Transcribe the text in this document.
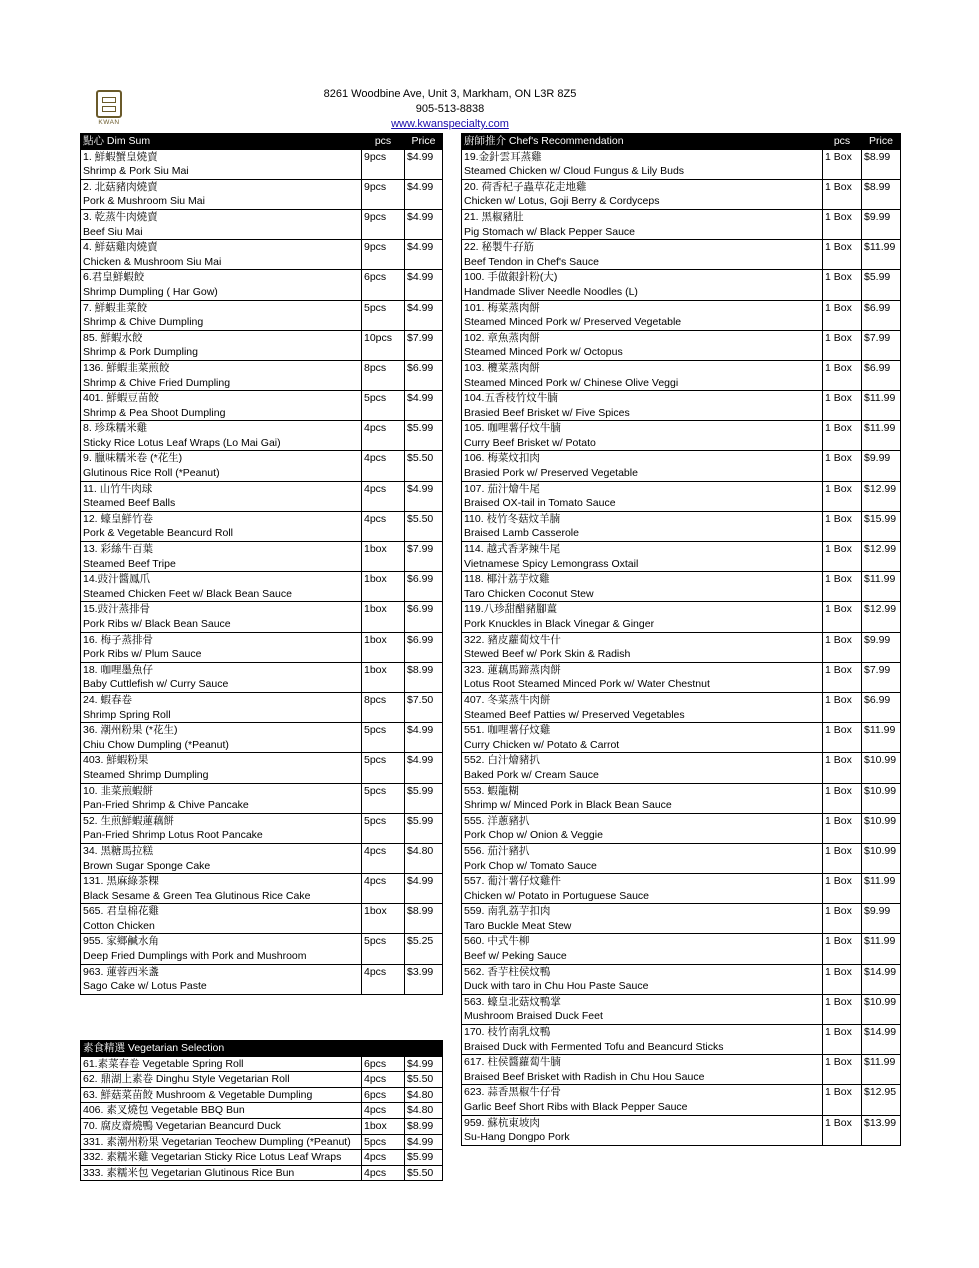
KWAN
8261 Woodbine Ave, Unit 3, Markham, ON L3R 8Z5
905-513-8838
www.kwanspecialty.com
點心 Dim Sum	pcs	Price
1. 鮮蝦蟹皇燒賣	9pcs	$4.99
Shrimp & Pork Siu Mai		
2. 北菇豬肉燒賣	9pcs	$4.99
Pork & Mushroom Siu Mai		
3. 乾蒸牛肉燒賣	9pcs	$4.99
Beef Siu Mai		
4. 鮮菇雞肉燒賣	9pcs	$4.99
Chicken & Mushroom Siu Mai		
6.君皇鮮蝦餃	6pcs	$4.99
Shrimp Dumpling ( Har Gow)		
7. 鮮蝦韭菜餃	5pcs	$4.99
Shrimp & Chive Dumpling		
85. 鮮蝦水餃	10pcs	$7.99
Shrimp & Pork Dumpling		
136. 鮮蝦韭菜煎餃	8pcs	$6.99
Shrimp & Chive Fried Dumpling		
401. 鮮蝦豆苗餃	5pcs	$4.99
Shrimp & Pea Shoot Dumpling		
8. 珍珠糯米雞	4pcs	$5.99
Sticky Rice Lotus Leaf Wraps (Lo Mai Gai)		
9. 臘味糯米卷 (*花生)	4pcs	$5.50
Glutinous Rice Roll (*Peanut)		
11. 山竹牛肉球	4pcs	$4.99
Steamed Beef Balls		
12. 蠔皇鮮竹卷	4pcs	$5.50
Pork & Vegetable Beancurd Roll		
13. 彩絲牛百葉	1box	$7.99
Steamed Beef Tripe		
14.豉汁醬鳳爪	1box	$6.99
Steamed Chicken Feet w/ Black Bean Sauce		
15.豉汁蒸排骨	1box	$6.99
Pork Ribs w/ Black Bean Sauce		
16. 梅子蒸排骨	1box	$6.99
Pork Ribs w/ Plum Sauce		
18. 咖哩墨魚仔	1box	$8.99
Baby Cuttlefish w/ Curry Sauce		
24. 蝦春卷	8pcs	$7.50
Shrimp Spring Roll		
36. 潮州粉果 (*花生)	5pcs	$4.99
Chiu Chow Dumpling (*Peanut)		
403. 鮮蝦粉果	5pcs	$4.99
Steamed Shrimp Dumpling		
10. 韭菜煎蝦餅	5pcs	$5.99
Pan-Fried Shrimp & Chive Pancake		
52. 生煎鮮蝦蓮藕餅	5pcs	$5.99
Pan-Fried Shrimp Lotus Root Pancake		
34. 黑糖馬拉糕	4pcs	$4.80
Brown Sugar Sponge Cake		
131. 黑麻綠茶粿	4pcs	$4.99
Black Sesame & Green Tea Glutinous Rice Cake		
565. 君皇棉花雞	1box	$8.99
Cotton Chicken		
955. 家鄉鹹水角	5pcs	$5.25
Deep Fried Dumplings with Pork and Mushroom		
963. 蓮蓉西米盞	4pcs	$3.99
Sago Cake w/ Lotus Paste		
廚師推介 Chef's Recommendation	pcs	Price
19.金針雲耳蒸雞	1 Box	$8.99
Steamed Chicken w/ Cloud Fungus & Lily Buds		
20. 荷香杞子蟲草花走地雞	1 Box	$8.99
Chicken w/ Lotus, Goji Berry & Cordyceps		
21. 黑椒豬肚	1 Box	$9.99
Pig Stomach w/ Black Pepper Sauce		
22. 秘製牛孖筋	1 Box	$11.99
Beef Tendon in Chef's Sauce		
100. 手做銀針粉(大)	1 Box	$5.99
Handmade Sliver Needle Noodles (L)		
101. 梅菜蒸肉餅	1 Box	$6.99
Steamed Minced Pork w/ Preserved Vegetable		
102. 章魚蒸肉餅	1 Box	$7.99
Steamed Minced Pork w/ Octopus		
103. 欖菜蒸肉餅	1 Box	$6.99
Steamed Minced Pork w/ Chinese Olive Veggi		
104.五香枝竹炆牛腩	1 Box	$11.99
Brasied Beef Brisket w/ Five Spices		
105. 咖哩薯仔炆牛腩	1 Box	$11.99
Curry Beef Brisket w/ Potato		
106. 梅菜炆扣肉	1 Box	$9.99
Brasied Pork w/ Preserved Vegetable		
107. 茄汁燴牛尾	1 Box	$12.99
Braised OX-tail in Tomato Sauce		
110. 枝竹冬菇炆羊腩	1 Box	$15.99
Braised Lamb Casserole		
114. 越式香茅辣牛尾	1 Box	$12.99
Vietnamese Spicy Lemongrass Oxtail		
118. 椰汁荔芋炆雞	1 Box	$11.99
Taro Chicken Coconut Stew		
119.八珍甜醋豬腳薑	1 Box	$12.99
Pork Knuckles in Black Vinegar & Ginger		
322. 豬皮蘿蔔炆牛什	1 Box	$9.99
Stewed Beef w/ Pork Skin & Radish		
323. 蓮藕馬蹄蒸肉餅	1 Box	$7.99
Lotus Root Steamed Minced Pork w/ Water Chestnut		
407. 冬菜蒸牛肉餅	1 Box	$6.99
Steamed Beef Patties w/ Preserved Vegetables		
551. 咖哩薯仔炆雞	1 Box	$11.99
Curry Chicken w/ Potato & Carrot		
552. 白汁燴豬扒	1 Box	$10.99
Baked Pork w/ Cream Sauce		
553. 蝦龍糊	1 Box	$10.99
Shrimp w/ Minced Pork in Black Bean Sauce		
555. 洋蔥豬扒	1 Box	$10.99
Pork Chop w/ Onion & Veggie		
556. 茄汁豬扒	1 Box	$10.99
Pork Chop w/ Tomato Sauce		
557. 葡汁薯仔炆雞件	1 Box	$11.99
Chicken w/ Potato in Portuguese Sauce		
559. 南乳荔芋扣肉	1 Box	$9.99
Taro Buckle Meat Stew		
560. 中式牛柳	1 Box	$11.99
Beef w/ Peking Sauce		
562. 香芋柱侯炆鴨	1 Box	$14.99
Duck with taro in Chu Hou Paste Sauce		
563. 蠔皇北菇炆鴨掌	1 Box	$10.99
Mushroom Braised Duck Feet		
170. 枝竹南乳炆鴨	1 Box	$14.99
Braised Duck with Fermented Tofu and Beancurd Sticks		
617. 柱侯醬蘿蔔牛腩	1 Box	$11.99
Braised Beef Brisket with Radish in Chu Hou Sauce		
623. 蒜香黑椒牛仔骨	1 Box	$12.95
Garlic Beef Short Ribs with Black Pepper Sauce		
959. 蘇杭東坡肉	1 Box	$13.99
Su-Hang Dongpo Pork		
素食精選 Vegetarian Selection		
61.素菜春卷 Vegetable Spring Roll	6pcs	$4.99
62. 鼎湖上素卷 Dinghu Style Vegetarian Roll	4pcs	$5.50
63. 鮮菇菜苗餃 Mushroom & Vegetable Dumpling	6pcs	$4.80
406. 素叉燒包 Vegetable BBQ Bun	4pcs	$4.80
70. 腐皮齋燒鴨 Vegetarian Beancurd Duck	1box	$8.99
331. 素潮州粉果 Vegetarian Teochew Dumpling (*Peanut)	5pcs	$4.99
332. 素糯米雞 Vegetarian Sticky Rice Lotus Leaf Wraps	4pcs	$5.99
333. 素糯米包 Vegetarian Glutinous Rice Bun	4pcs	$5.50
